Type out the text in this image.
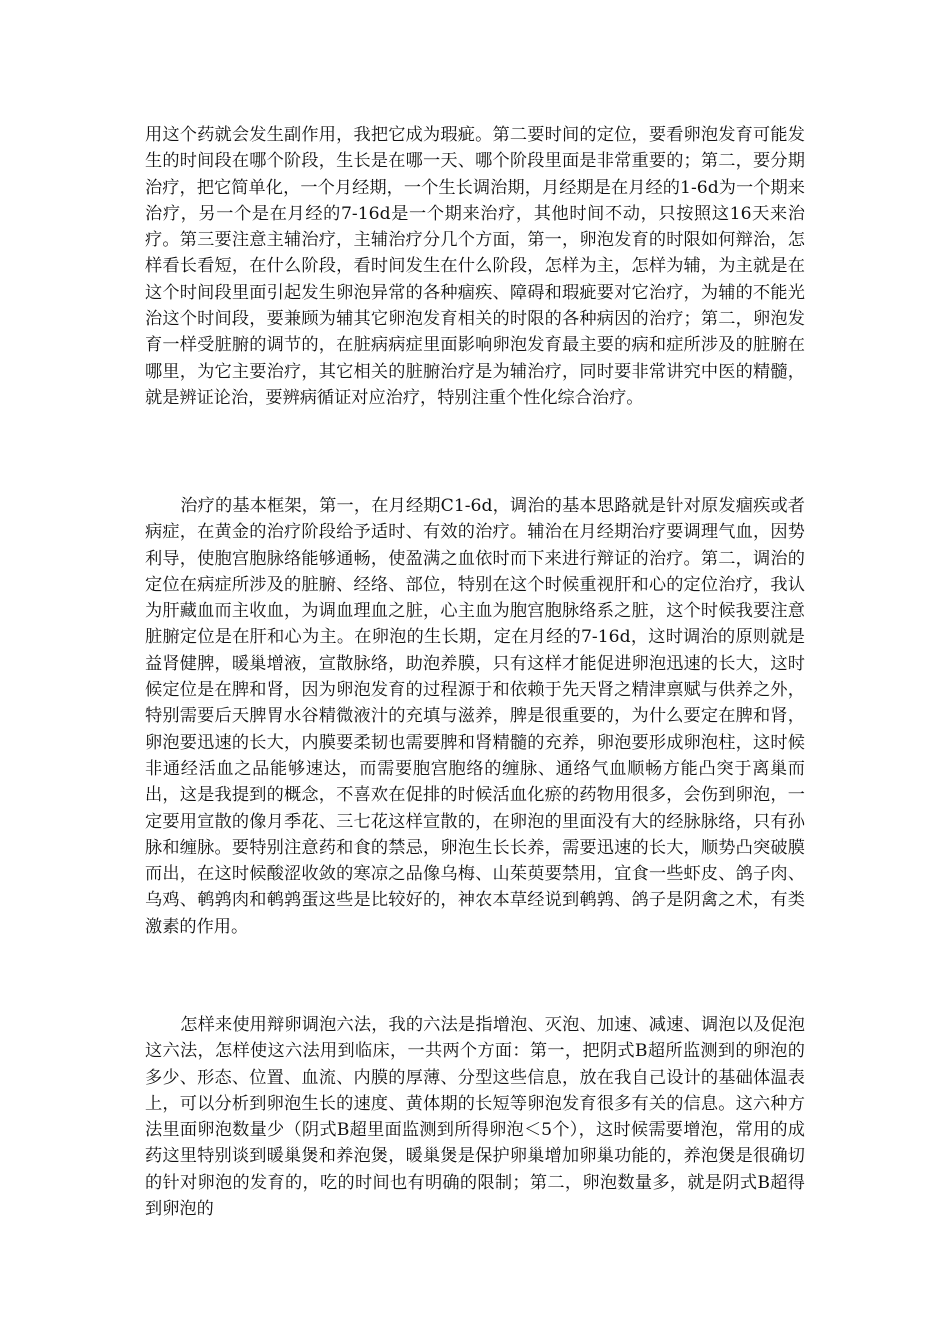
用这个药就会发生副作用，我把它成为瑕疵。第二要时间的定位，要看卵泡发育可能发生的时间段在哪个阶段，生长是在哪一天、哪个阶段里面是非常重要的；第二，要分期治疗，把它简单化，一个月经期，一个生长调治期，月经期是在月经的1-6d为一个期来治疗，另一个是在月经的7-16d是一个期来治疗，其他时间不动，只按照这16天来治疗。第三要注意主辅治疗，主辅治疗分几个方面，第一，卵泡发育的时限如何辩治，怎样看长看短，在什么阶段，看时间发生在什么阶段，怎样为主，怎样为辅，为主就是在这个时间段里面引起发生卵泡异常的各种痼疾、障碍和瑕疵要对它治疗，为辅的不能光治这个时间段，要兼顾为辅其它卵泡发育相关的时限的各种病因的治疗；第二，卵泡发育一样受脏腑的调节的，在脏病病症里面影响卵泡发育最主要的病和症所涉及的脏腑在哪里，为它主要治疗，其它相关的脏腑治疗是为辅治疗，同时要非常讲究中医的精髓，就是辨证论治，要辨病循证对应治疗，特别注重个性化综合治疗。

治疗的基本框架，第一，在月经期C1-6d，调治的基本思路就是针对原发痼疾或者病症，在黄金的治疗阶段给予适时、有效的治疗。辅治在月经期治疗要调理气血，因势利导，使胞宫胞脉络能够通畅，使盈满之血依时而下来进行辩证的治疗。第二，调治的定位在病症所涉及的脏腑、经络、部位，特别在这个时候重视肝和心的定位治疗，我认为肝藏血而主收血，为调血理血之脏，心主血为胞宫胞脉络系之脏，这个时候我要注意脏腑定位是在肝和心为主。在卵泡的生长期，定在月经的7-16d，这时调治的原则就是益肾健脾，暖巢增液，宣散脉络，助泡养膜，只有这样才能促进卵泡迅速的长大，这时候定位是在脾和肾，因为卵泡发育的过程源于和依赖于先天肾之精津禀赋与供养之外，特别需要后天脾胃水谷精微液汁的充填与滋养，脾是很重要的，为什么要定在脾和肾，卵泡要迅速的长大，内膜要柔韧也需要脾和肾精髓的充养，卵泡要形成卵泡柱，这时候非通经活血之品能够速达，而需要胞宫胞络的缠脉、通络气血顺畅方能凸突于离巢而出，这是我提到的概念，不喜欢在促排的时候活血化瘀的药物用很多，会伤到卵泡，一定要用宣散的像月季花、三七花这样宣散的，在卵泡的里面没有大的经脉脉络，只有孙脉和缠脉。要特别注意药和食的禁忌，卵泡生长长养，需要迅速的长大，顺势凸突破膜而出，在这时候酸涩收敛的寒凉之品像乌梅、山茱萸要禁用，宜食一些虾皮、鸽子肉、乌鸡、鹌鹑肉和鹌鹑蛋这些是比较好的，神农本草经说到鹌鹑、鸽子是阴禽之术，有类激素的作用。

怎样来使用辩卵调泡六法，我的六法是指增泡、灭泡、加速、减速、调泡以及促泡这六法，怎样使这六法用到临床，一共两个方面：第一，把阴式B超所监测到的卵泡的多少、形态、位置、血流、内膜的厚薄、分型这些信息，放在我自己设计的基础体温表上，可以分析到卵泡生长的速度、黄体期的长短等卵泡发育很多有关的信息。这六种方法里面卵泡数量少（阴式B超里面监测到所得卵泡＜5个），这时候需要增泡，常用的成药这里特别谈到暖巢煲和养泡煲，暖巢煲是保护卵巢增加卵巢功能的，养泡煲是很确切的针对卵泡的发育的，吃的时间也有明确的限制；第二，卵泡数量多，就是阴式B超得到卵泡的
